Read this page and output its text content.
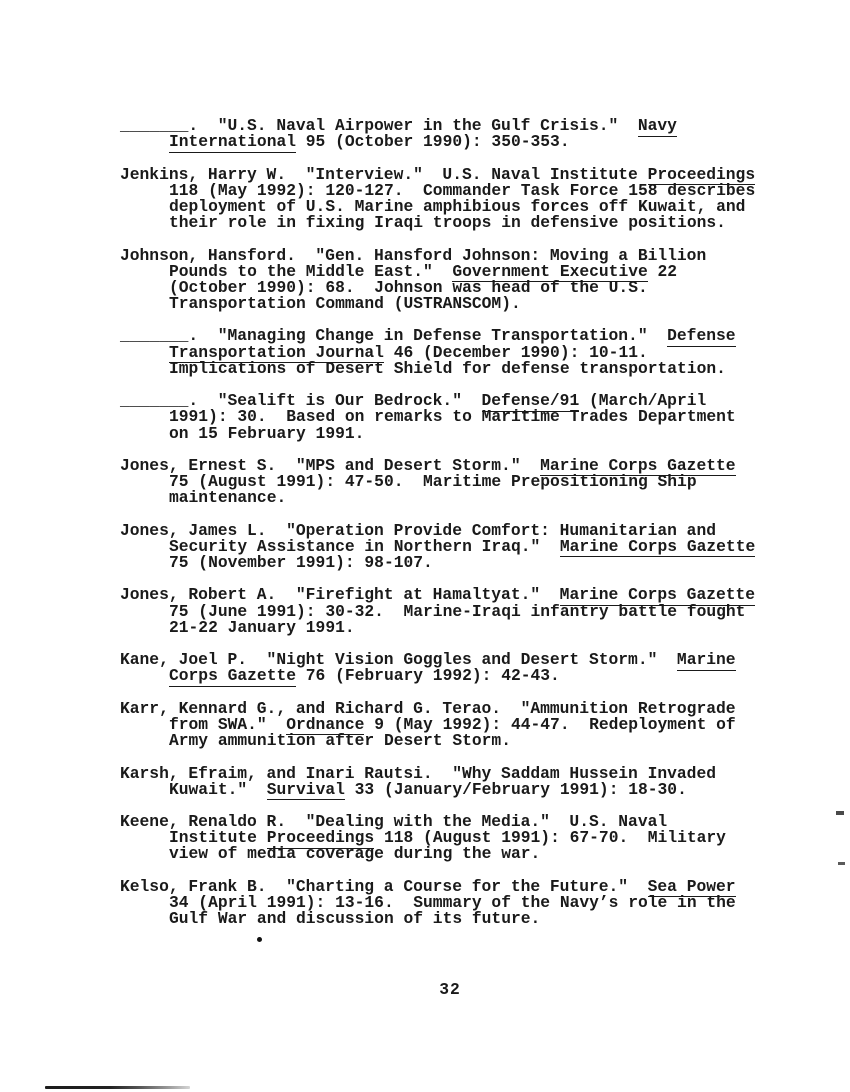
_______.  "U.S. Naval Airpower in the Gulf Crisis."  Navy
International 95 (October 1990): 350-353.
Jenkins, Harry W.  "Interview."  U.S. Naval Institute Proceedings
118 (May 1992): 120-127.  Commander Task Force 158 describes
deployment of U.S. Marine amphibious forces off Kuwait, and
their role in fixing Iraqi troops in defensive positions.
Johnson, Hansford.  "Gen. Hansford Johnson: Moving a Billion
Pounds to the Middle East."  Government Executive 22
(October 1990): 68.  Johnson was head of the U.S.
Transportation Command (USTRANSCOM).
_______.  "Managing Change in Defense Transportation."  Defense
Transportation Journal 46 (December 1990): 10-11.
Implications of Desert Shield for defense transportation.
_______.  "Sealift is Our Bedrock."  Defense/91 (March/April
1991): 30.  Based on remarks to Maritime Trades Department
on 15 February 1991.
Jones, Ernest S.  "MPS and Desert Storm."  Marine Corps Gazette
75 (August 1991): 47-50.  Maritime Prepositioning Ship
maintenance.
Jones, James L.  "Operation Provide Comfort: Humanitarian and
Security Assistance in Northern Iraq."  Marine Corps Gazette
75 (November 1991): 98-107.
Jones, Robert A.  "Firefight at Hamaltyat."  Marine Corps Gazette
75 (June 1991): 30-32.  Marine-Iraqi infantry battle fought
21-22 January 1991.
Kane, Joel P.  "Night Vision Goggles and Desert Storm."  Marine
Corps Gazette 76 (February 1992): 42-43.
Karr, Kennard G., and Richard G. Terao.  "Ammunition Retrograde
from SWA."  Ordnance 9 (May 1992): 44-47.  Redeployment of
Army ammunition after Desert Storm.
Karsh, Efraim, and Inari Rautsi.  "Why Saddam Hussein Invaded
Kuwait."  Survival 33 (January/February 1991): 18-30.
Keene, Renaldo R.  "Dealing with the Media."  U.S. Naval
Institute Proceedings 118 (August 1991): 67-70.  Military
view of media coverage during the war.
Kelso, Frank B.  "Charting a Course for the Future."  Sea Power
34 (April 1991): 13-16.  Summary of the Navy’s role in the
Gulf War and discussion of its future.
32
